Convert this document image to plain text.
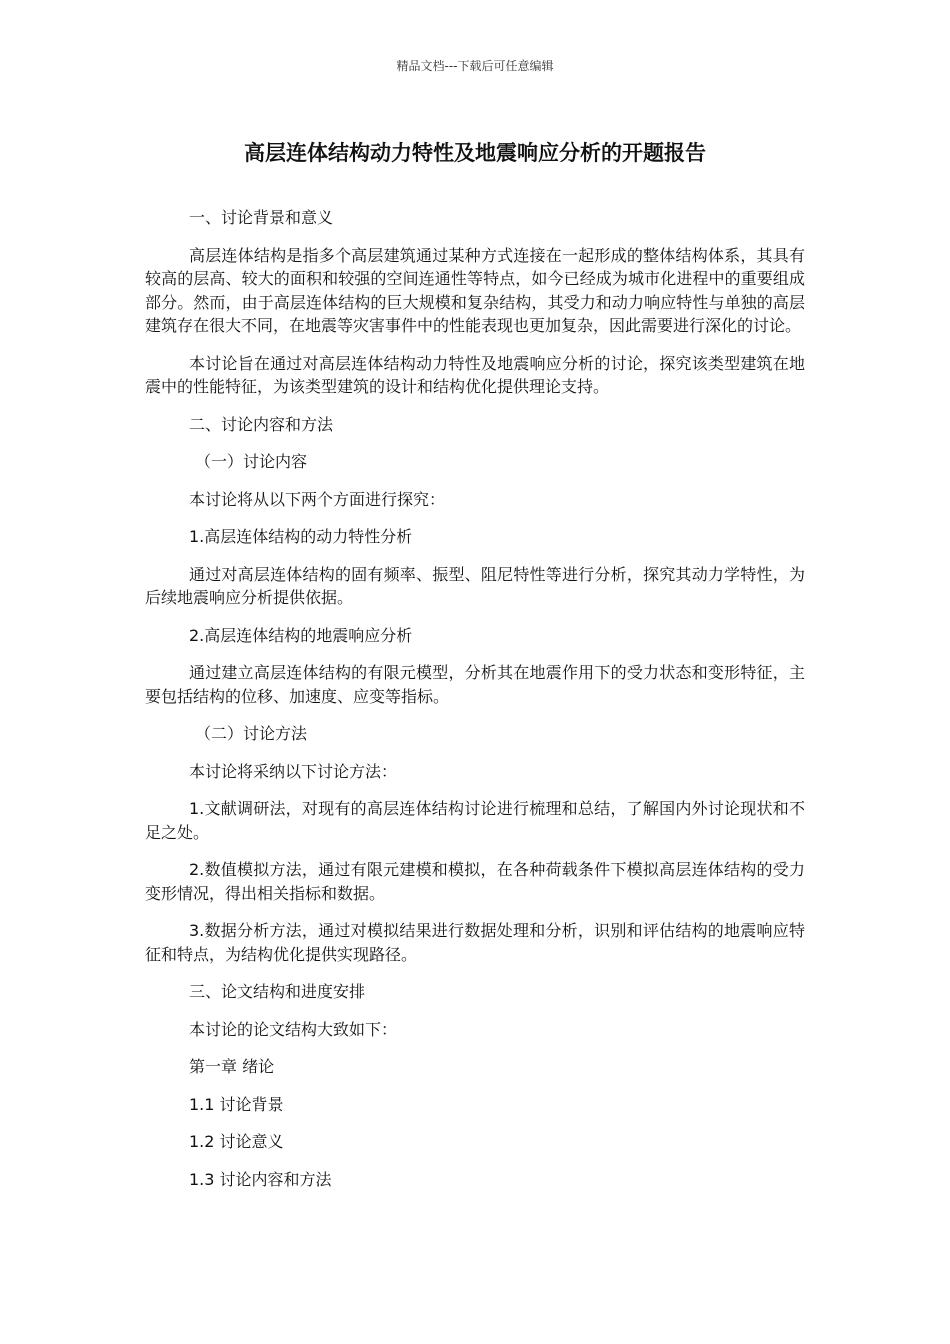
精品文档---下载后可任意编辑
高层连体结构动力特性及地震响应分析的开题报告

一、讨论背景和意义

高层连体结构是指多个高层建筑通过某种方式连接在一起形成的整体结构体系，其具有较高的层高、较大的面积和较强的空间连通性等特点，如今已经成为城市化进程中的重要组成部分。然而，由于高层连体结构的巨大规模和复杂结构，其受力和动力响应特性与单独的高层建筑存在很大不同，在地震等灾害事件中的性能表现也更加复杂，因此需要进行深化的讨论。

本讨论旨在通过对高层连体结构动力特性及地震响应分析的讨论，探究该类型建筑在地震中的性能特征，为该类型建筑的设计和结构优化提供理论支持。

二、讨论内容和方法

（一）讨论内容

本讨论将从以下两个方面进行探究：

1.高层连体结构的动力特性分析

通过对高层连体结构的固有频率、振型、阻尼特性等进行分析，探究其动力学特性，为后续地震响应分析提供依据。

2.高层连体结构的地震响应分析

通过建立高层连体结构的有限元模型，分析其在地震作用下的受力状态和变形特征，主要包括结构的位移、加速度、应变等指标。

（二）讨论方法

本讨论将采纳以下讨论方法：

1.文献调研法，对现有的高层连体结构讨论进行梳理和总结，了解国内外讨论现状和不足之处。

2.数值模拟方法，通过有限元建模和模拟，在各种荷载条件下模拟高层连体结构的受力变形情况，得出相关指标和数据。

3.数据分析方法，通过对模拟结果进行数据处理和分析，识别和评估结构的地震响应特征和特点，为结构优化提供实现路径。

三、论文结构和进度安排

本讨论的论文结构大致如下：

第一章 绪论

1.1 讨论背景

1.2 讨论意义

1.3 讨论内容和方法
